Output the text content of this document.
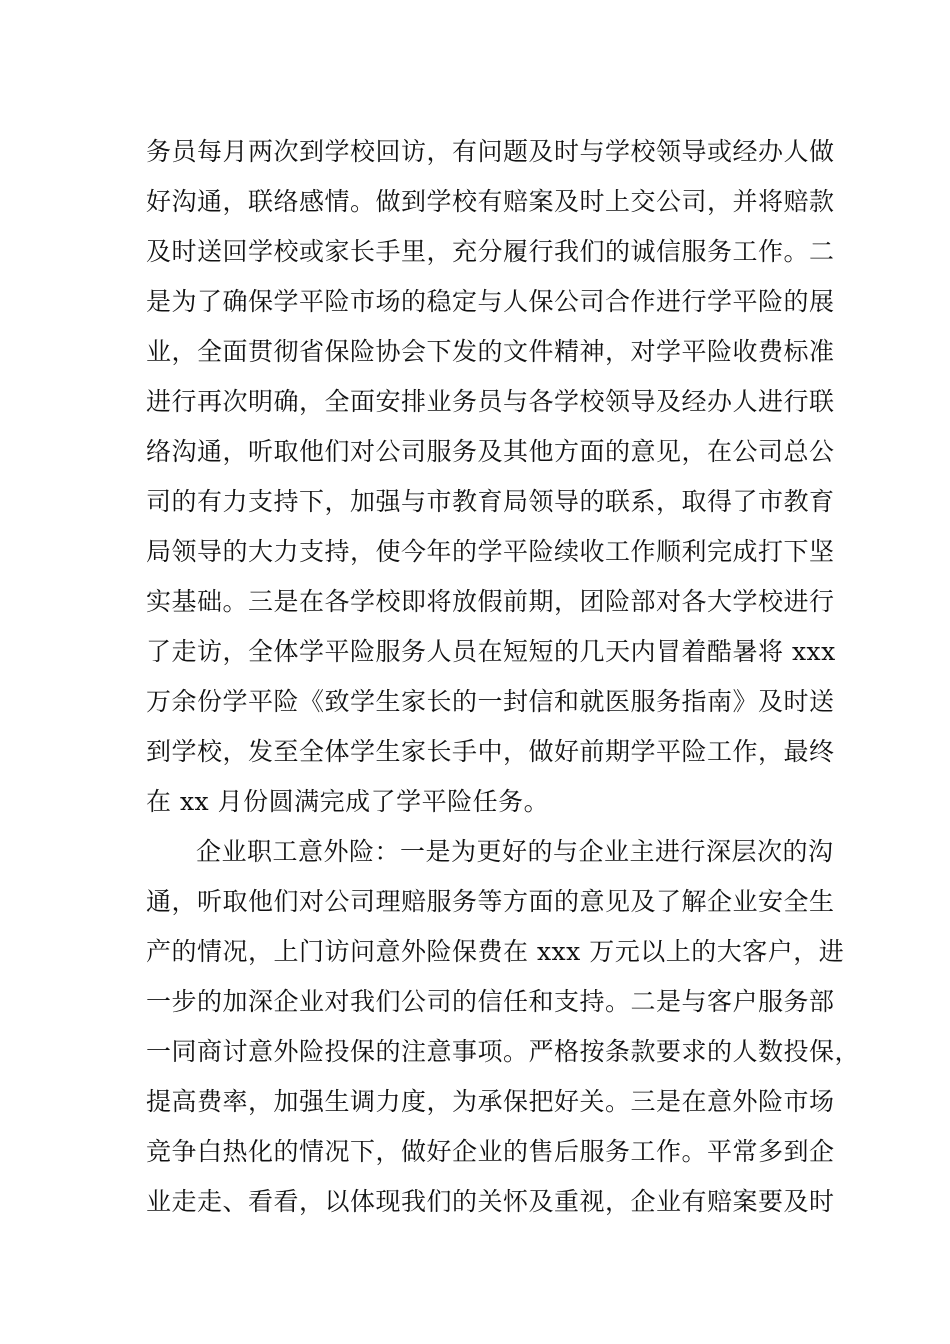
务员每月两次到学校回访，有问题及时与学校领导或经办人做
好沟通，联络感情。做到学校有赔案及时上交公司，并将赔款
及时送回学校或家长手里，充分履行我们的诚信服务工作。二
是为了确保学平险市场的稳定与人保公司合作进行学平险的展
业，全面贯彻省保险协会下发的文件精神，对学平险收费标准
进行再次明确，全面安排业务员与各学校领导及经办人进行联
络沟通，听取他们对公司服务及其他方面的意见，在公司总公
司的有力支持下，加强与市教育局领导的联系，取得了市教育
局领导的大力支持，使今年的学平险续收工作顺利完成打下坚
实基础。三是在各学校即将放假前期，团险部对各大学校进行
了走访，全体学平险服务人员在短短的几天内冒着酷暑将 xxx
万余份学平险《致学生家长的一封信和就医服务指南》及时送
到学校，发至全体学生家长手中，做好前期学平险工作，最终
在 xx 月份圆满完成了学平险任务。
企业职工意外险：一是为更好的与企业主进行深层次的沟
通，听取他们对公司理赔服务等方面的意见及了解企业安全生
产的情况，上门访问意外险保费在 xxx 万元以上的大客户，进
一步的加深企业对我们公司的信任和支持。二是与客户服务部
一同商讨意外险投保的注意事项。严格按条款要求的人数投保，
提高费率，加强生调力度，为承保把好关。三是在意外险市场
竞争白热化的情况下，做好企业的售后服务工作。平常多到企
业走走、看看，以体现我们的关怀及重视，企业有赔案要及时
